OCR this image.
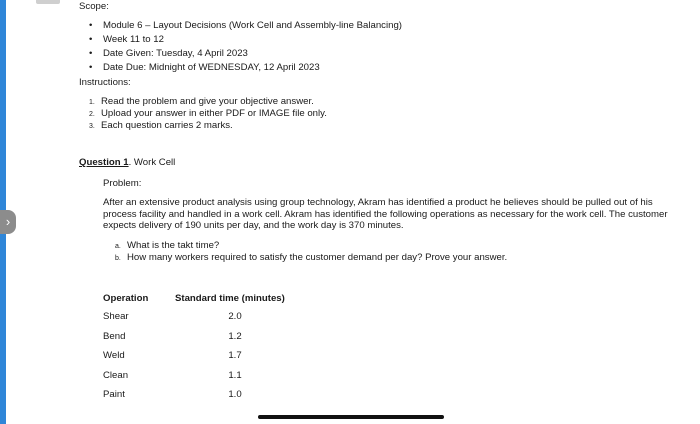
›
Scope:
• Module 6 – Layout Decisions (Work Cell and Assembly-line Balancing)
• Week 11 to 12
• Date Given: Tuesday, 4 April 2023
• Date Due: Midnight of WEDNESDAY, 12 April 2023
Instructions:
1. Read the problem and give your objective answer.
2. Upload your answer in either PDF or IMAGE file only.
3. Each question carries 2 marks.
Question 1. Work Cell
Problem:
After an extensive product analysis using group technology, Akram has identified a product he believes should be pulled out of his process facility and handled in a work cell. Akram has identified the following operations as necessary for the work cell. The customer expects delivery of 190 units per day, and the work day is 370 minutes.
a. What is the takt time?
b. How many workers required to satisfy the customer demand per day? Prove your answer.
Operation	Standard time (minutes)
Shear	2.0
Bend	1.2
Weld	1.7
Clean	1.1
Paint	1.0
